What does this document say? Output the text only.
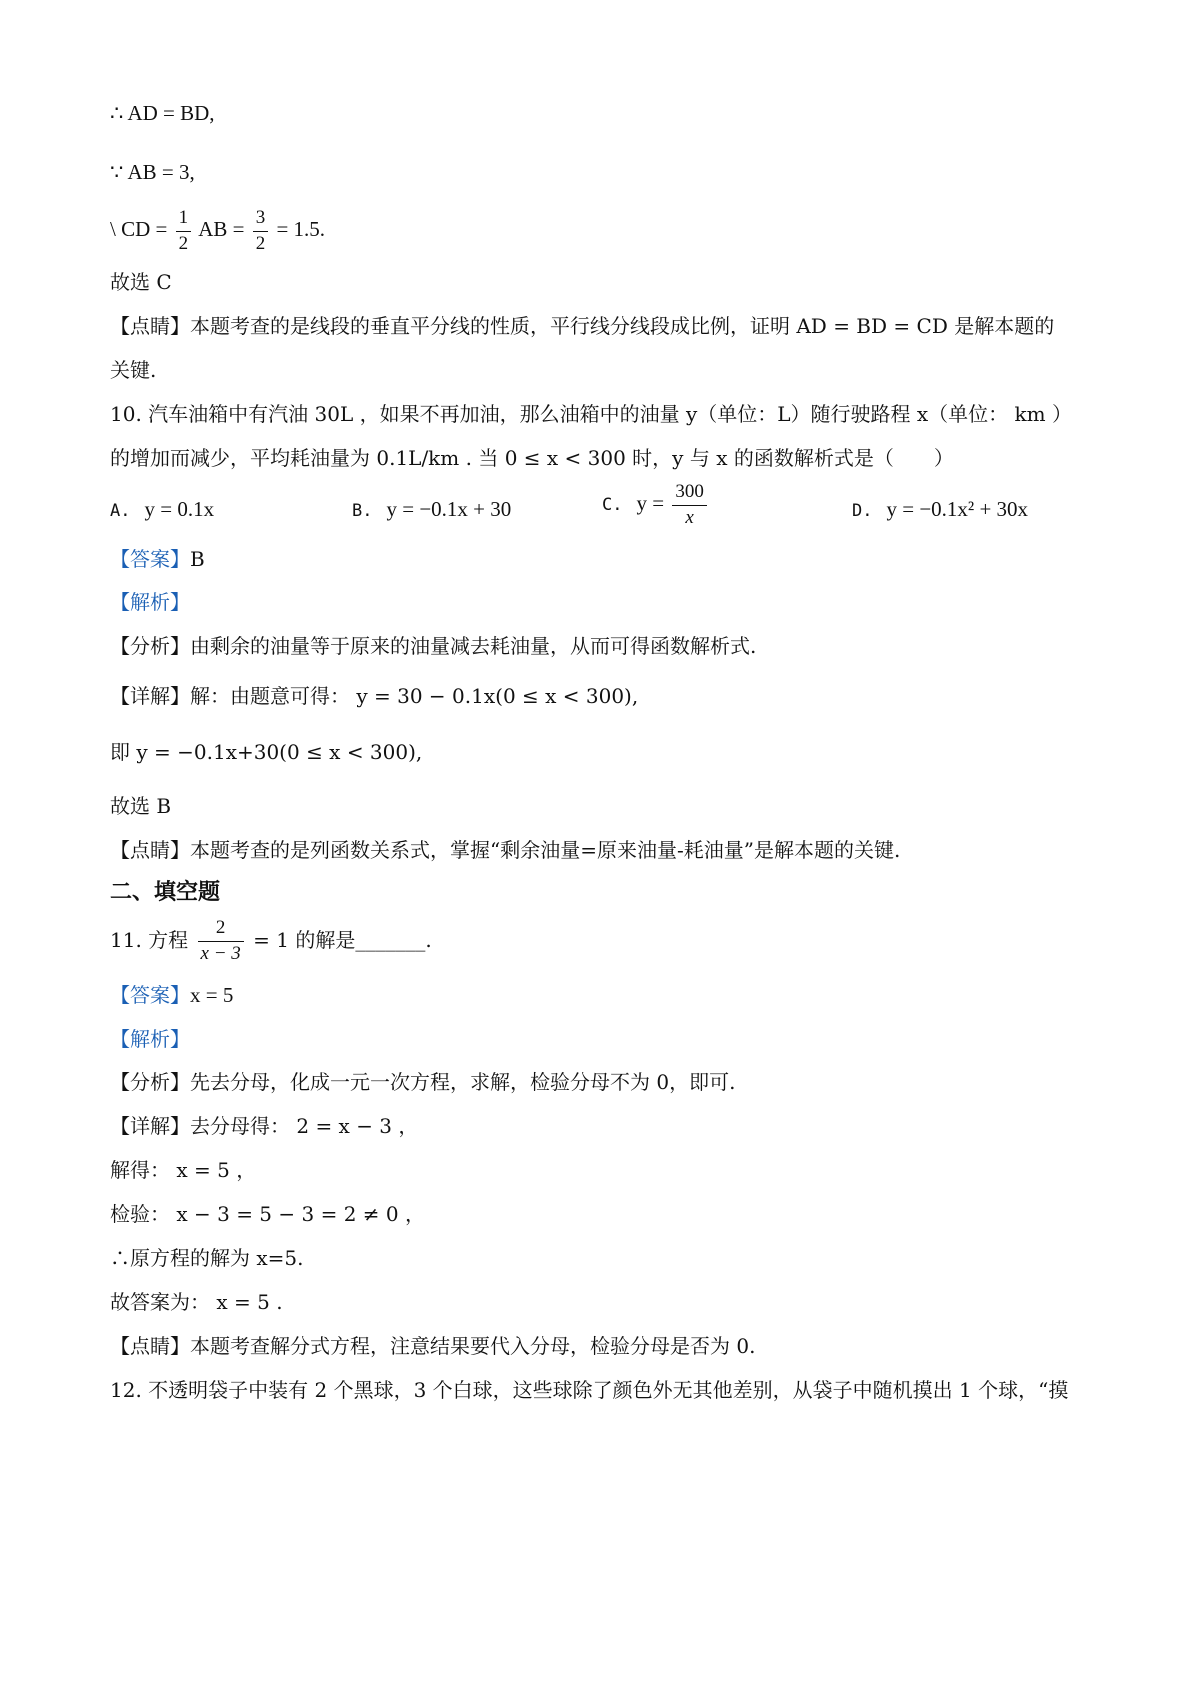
∴ AD = BD,
∵ AB = 3,
\ CD = $\frac{1}{2}$ AB = $\frac{3}{2} = 1.5$.
故选 C
【点睛】本题考查的是线段的垂直平分线的性质，平行线分线段成比例，证明 AD = BD = CD 是解本题的
关键.
10. 汽车油箱中有汽油 30L ，如果不再加油，那么油箱中的油量 y（单位：L）随行驶路程 x（单位： km ）
的增加而减少，平均耗油量为 0.1L/km . 当 0 ≤ x < 300 时，y 与 x 的函数解析式是（　　）
A. y = 0.1x	B. y = −0.1x + 30	C. $y = \frac{300}{x}$	D. y = −0.1x² + 30x
【答案】B
【解析】
【分析】由剩余的油量等于原来的油量减去耗油量，从而可得函数解析式.
【详解】解：由题意可得： y = 30 − 0.1x(0 ≤ x < 300),
即 y = −0.1x+30(0 ≤ x < 300),
故选 B
【点睛】本题考查的是列函数关系式，掌握“剩余油量=原来油量-耗油量”是解本题的关键.
二、填空题
11. 方程 $\frac{2}{x - 3} = 1$ 的解是_______.
【答案】x = 5
【解析】
【分析】先去分母，化成一元一次方程，求解，检验分母不为 0，即可.
【详解】去分母得： 2 = x − 3 ，
解得： x = 5 ，
检验： x − 3 = 5 − 3 = 2 ≠ 0 ，
∴原方程的解为 x=5.
故答案为： x = 5 .
【点睛】本题考查解分式方程，注意结果要代入分母，检验分母是否为 0.
12. 不透明袋子中装有 2 个黑球，3 个白球，这些球除了颜色外无其他差别，从袋子中随机摸出 1 个球，“摸
